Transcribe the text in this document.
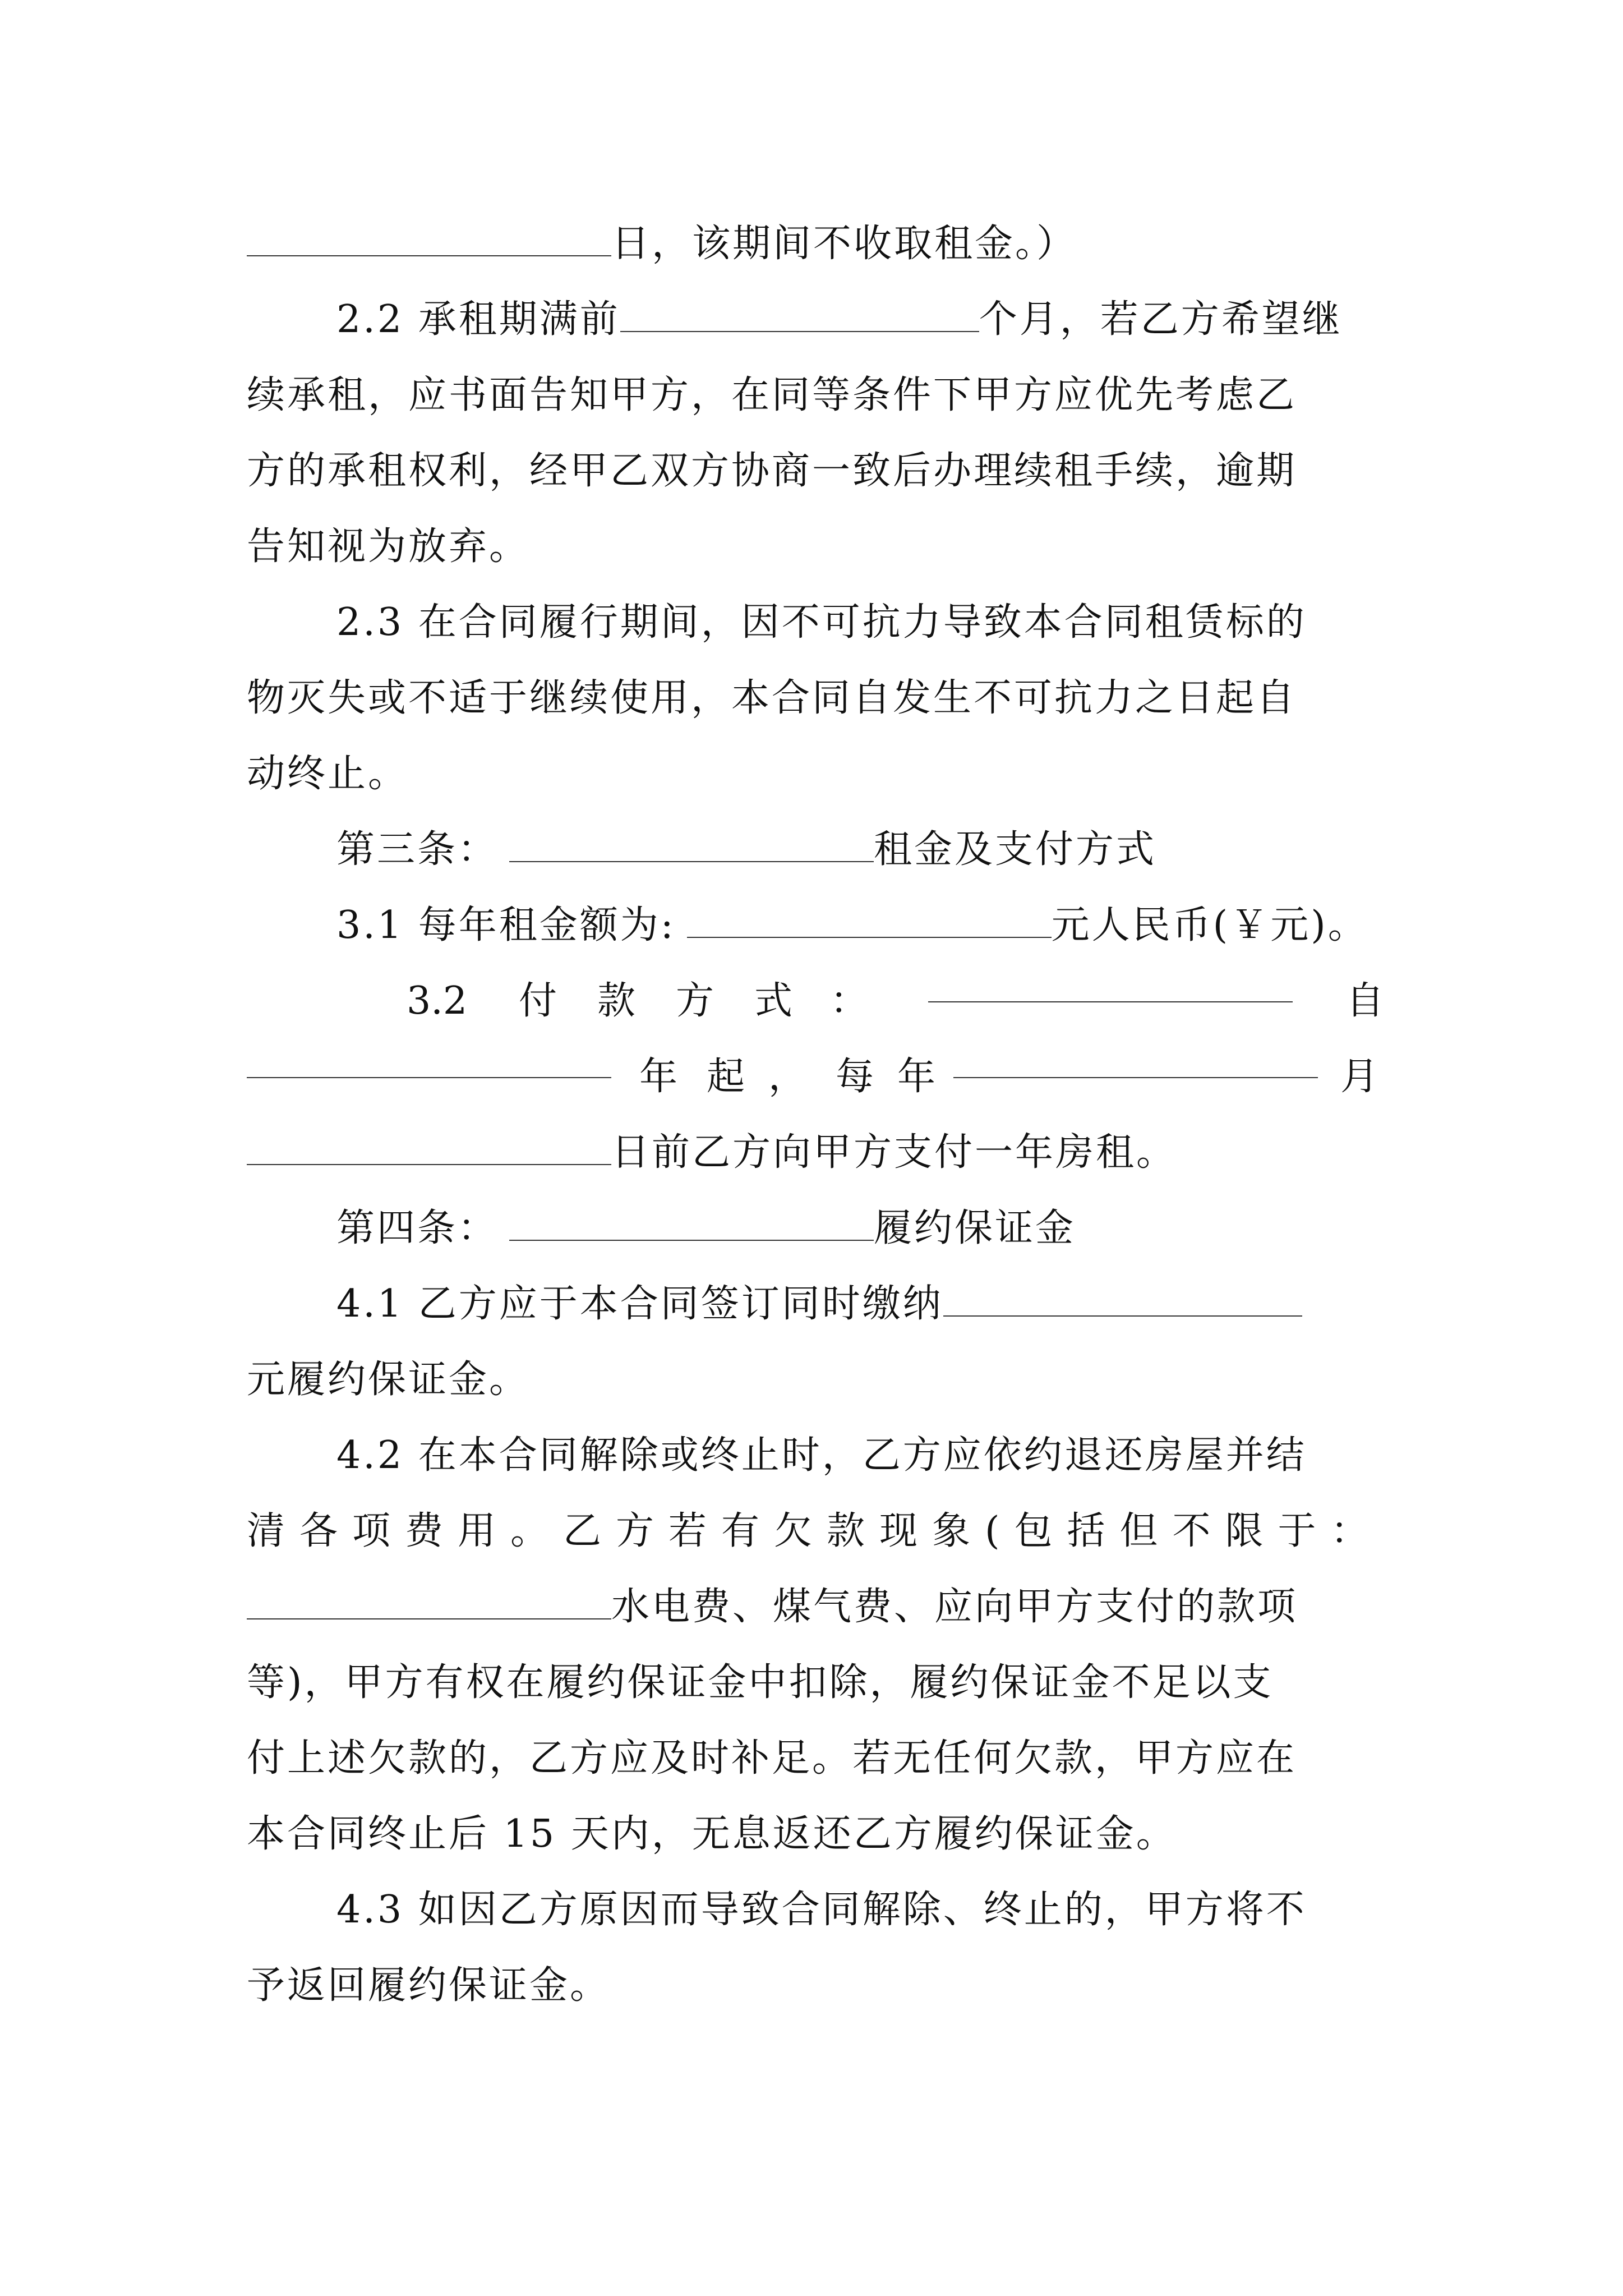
日，该期间不收取租金。）
2.2 承租期满前	个月，若乙方希望继
续承租，应书面告知甲方，在同等条件下甲方应优先考虑乙
方的承租权利，经甲乙双方协商一致后办理续租手续，逾期
告知视为放弃。
2.3 在合同履行期间，因不可抗力导致本合同租赁标的
物灭失或不适于继续使用，本合同自发生不可抗力之日起自
动终止。
第三条：	租金及支付方式
3.1 每年租金额为:	元人民币(￥元)。
3.2 付 款 方 式 ：	自
年 起 ， 每 年	月
日前乙方向甲方支付一年房租。
第四条：	履约保证金
4.1 乙方应于本合同签订同时缴纳
元履约保证金。
4.2 在本合同解除或终止时，乙方应依约退还房屋并结
清各项费用。乙方若有欠款现象(包括但不限于：
水电费、煤气费、应向甲方支付的款项
等)，甲方有权在履约保证金中扣除，履约保证金不足以支
付上述欠款的，乙方应及时补足。若无任何欠款，甲方应在
本合同终止后 15 天内，无息返还乙方履约保证金。
4.3 如因乙方原因而导致合同解除、终止的，甲方将不
予返回履约保证金。
